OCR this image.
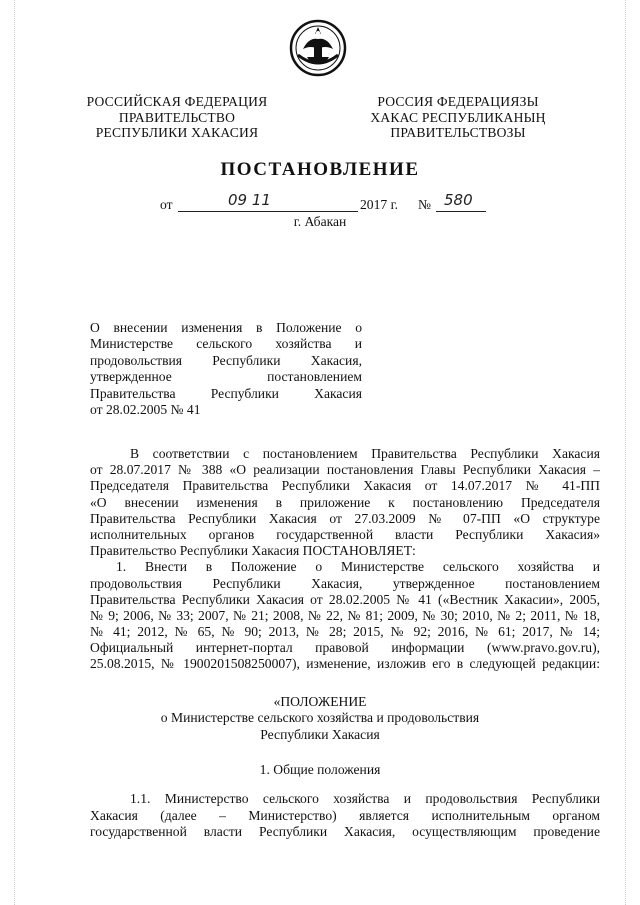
РОССИЙСКАЯ ФЕДЕРАЦИЯ
ПРАВИТЕЛЬСТВО
РЕСПУБЛИКИ ХАКАСИЯ
РОССИЯ ФЕДЕРАЦИЯЗЫ
ХАКАС РЕСПУБЛИКАНЫҢ
ПРАВИТЕЛЬСТВОЗЫ
ПОСТАНОВЛЕНИЕ
от	09 11	2017 г. № 580
г. Абакан
О внесении изменения в Положение о
Министерстве сельского хозяйства и
продовольствия Республики Хакасия,
утвержденное постановлением
Правительства Республики Хакасия
от 28.02.2005 № 41
В соответствии с постановлением Правительства Республики Хакасия
от 28.07.2017 № 388 «О реализации постановления Главы Республики Хакасия –
Председателя Правительства Республики Хакасия от 14.07.2017 № 41-ПП
«О внесении изменения в приложение к постановлению Председателя
Правительства Республики Хакасия от 27.03.2009 № 07-ПП «О структуре
исполнительных органов государственной власти Республики Хакасия»
Правительство Республики Хакасия ПОСТАНОВЛЯЕТ:
1. Внести в Положение о Министерстве сельского хозяйства и
продовольствия Республики Хакасия, утвержденное постановлением
Правительства Республики Хакасия от 28.02.2005 № 41 («Вестник Хакасии», 2005,
№ 9; 2006, № 33; 2007, № 21; 2008, № 22, № 81; 2009, № 30; 2010, № 2; 2011, № 18,
№ 41; 2012, № 65, № 90; 2013, № 28; 2015, № 92; 2016, № 61; 2017, № 14;
Официальный интернет-портал правовой информации (www.pravo.gov.ru),
25.08.2015, № 1900201508250007), изменение, изложив его в следующей редакции:
«ПОЛОЖЕНИЕ
о Министерстве сельского хозяйства и продовольствия
Республики Хакасия
1. Общие положения
1.1. Министерство сельского хозяйства и продовольствия Республики
Хакасия (далее – Министерство) является исполнительным органом
государственной власти Республики Хакасия, осуществляющим проведение
